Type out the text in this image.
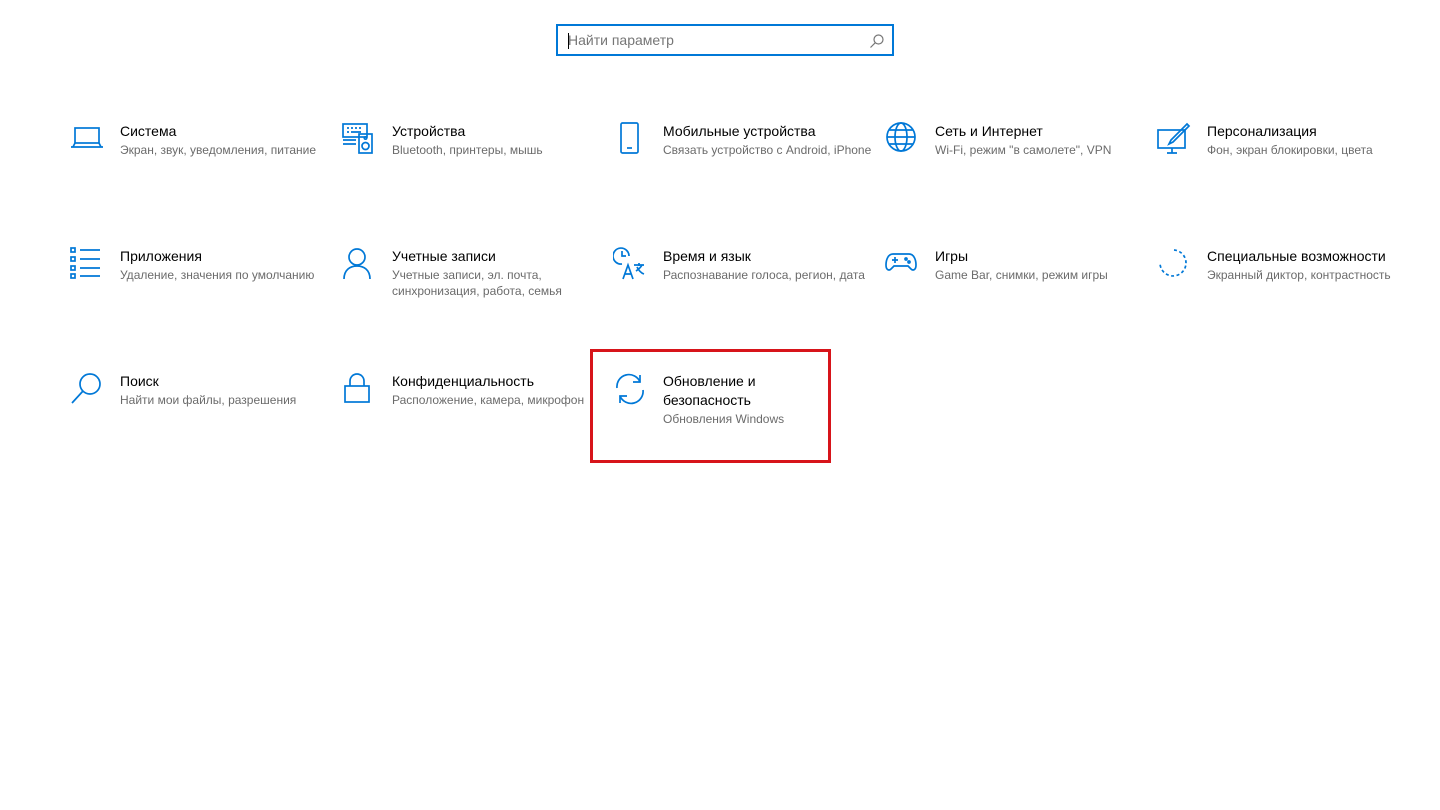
Найти параметр
Система
Экран, звук, уведомления, питание
Устройства
Bluetooth, принтеры, мышь
Мобильные устройства
Связать устройство с Android, iPhone
Сеть и Интернет
Wi-Fi, режим "в самолете", VPN
Персонализация
Фон, экран блокировки, цвета
Приложения
Удаление, значения по умолчанию
Учетные записи
Учетные записи, эл. почта, синхронизация, работа, семья
Время и язык
Распознавание голоса, регион, дата
Игры
Game Bar, снимки, режим игры
Специальные возможности
Экранный диктор, контрастность
Поиск
Найти мои файлы, разрешения
Конфиденциальность
Расположение, камера, микрофон
Обновление и безопасность
Обновления Windows
